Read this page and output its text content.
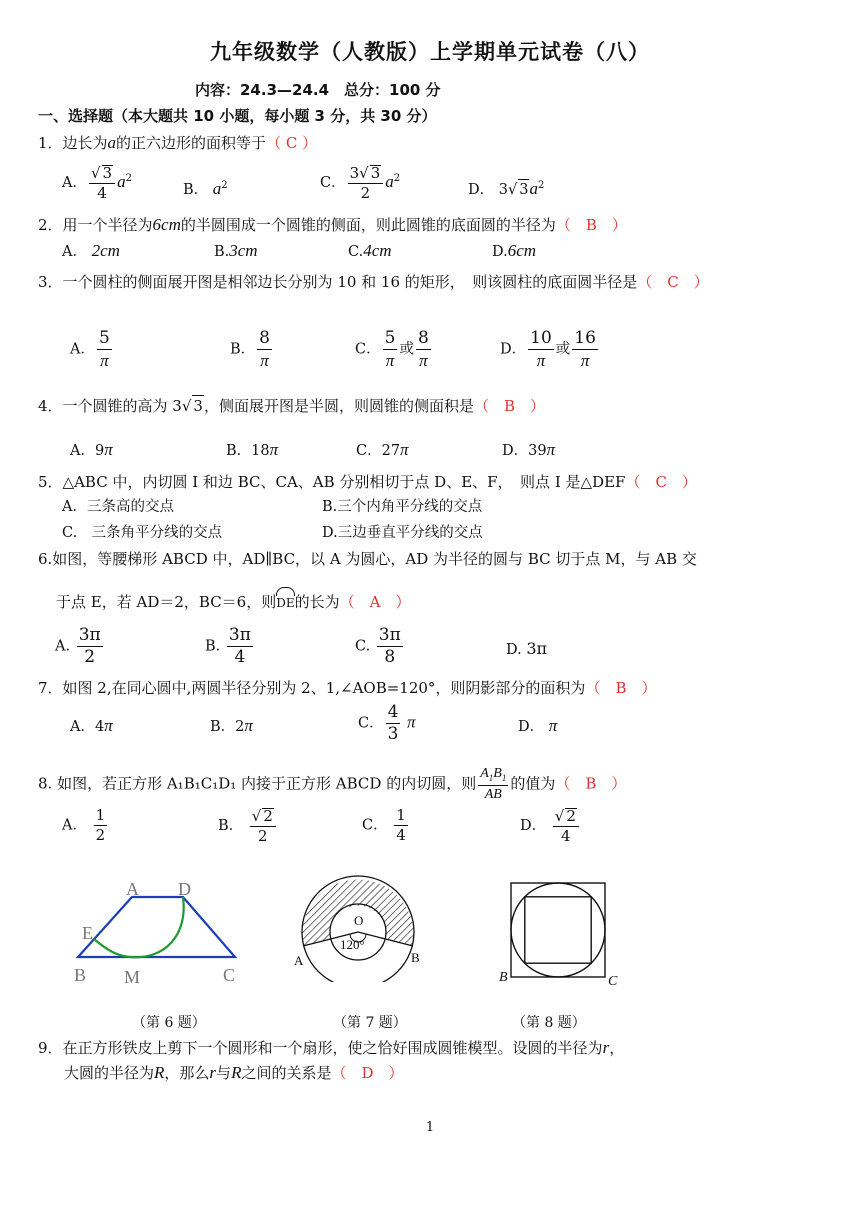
九年级数学（人教版）上学期单元试卷（八）
内容：24.3—24.4　总分：100 分
一、选择题（本大题共 10 小题，每小题 3 分，共 30 分）
1．边长为a的正六边形的面积等于（ C ）
A． $\frac{√ 3}{4} a^2$
B． $a^2$	C． $\frac{3√ 3}{2} a^2$
D． 3√ $3a^2$
2．用一个半径为6cm的半圆围成一个圆锥的侧面，则此圆锥的底面圆的半径为（　B　）
A． 2cm	B.3cm	C.4cm	D.6cm
3．一个圆柱的侧面展开图是相邻边长分别为 10 和 16 的矩形，　则该圆柱的底面圆半径是（　C　）
A． $\frac{5}{\pi}$	B． $\frac{8}{\pi}$	C． $\frac{5}{\pi}$ 或 $\frac{8}{\pi}$	D． $\frac{10}{\pi}$ 或 $\frac{16}{\pi}$
4．一个圆锥的高为 3√ 3，侧面展开图是半圆，则圆锥的侧面积是（　B　）
A．9π	B．18π	C．27π	D．39π
5．△ABC 中，内切圆 I 和边 BC、CA、AB 分别相切于点 D、E、F，　则点 I 是△DEF（　C　）
A．三条高的交点	B.三个内角平分线的交点
C.　三条角平分线的交点	D.三边垂直平分线的交点
6.如图，等腰梯形 ABCD 中，AD∥BC，以 A 为圆心，AD 为半径的圆与 BC 切于点 M，与 AB 交
于点 E，若 AD＝2，BC＝6，则
DE的长为（　A　）
A. $\frac{3\pi}{2}$	B. $\frac{3\pi}{4}$	C. $\frac{3\pi}{8}$	D. 3π
7．如图 2,在同心圆中,两圆半径分别为 2、1,∠AOB=120°，则阴影部分的面积为（　B　）
A．4π	B．2π	C． $\frac{4}{3}$ π	D． π
8. 如图，若正方形 A₁B₁C₁D₁ 内接于正方形 ABCD 的内切圆，则 $\frac{A_1B_1}{AB}$ 的值为（　B　）
A． $\frac{1}{2}$	B． $\frac{√ 2}{2}$	C． $\frac{1}{4}$	D． $\frac{√ 2}{4}$
A D
E
B M	C
（第 6 题）
O
120°
A	B
（第 7 题）
B	C
（第 8 题）
9．在正方形铁皮上剪下一个圆形和一个扇形，使之恰好围成圆锥模型。设圆的半径为r，
大圆的半径为R，那么r与R之间的关系是（　D　）
1
